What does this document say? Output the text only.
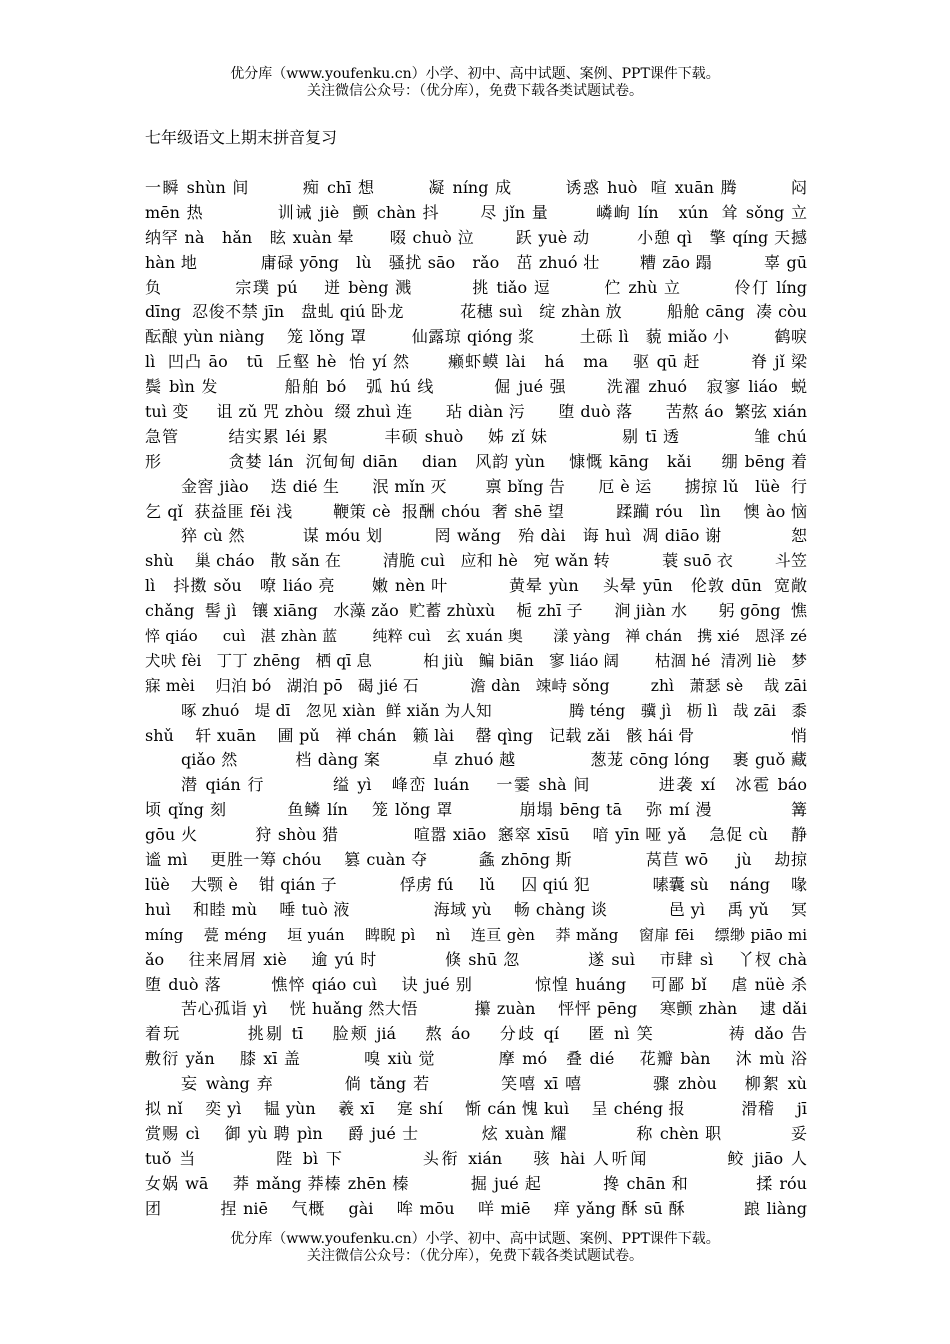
优分库（www.youfenku.cn）小学、初中、高中试题、案例、PPT课件下载。
关注微信公众号：（优分库），免费下载各类试题试卷。
七年级语文上期末拼音复习
一瞬 shùn 间        痴 chī 想        凝 níng 成        诱惑 huò  喧 xuān 腾        闷
mēn 热           训诫 jiè  颤 chàn 抖      尽 jǐn 量       嶙峋 lín   xún  耸 sǒng 立
纳罕 nà   hǎn   眩 xuàn 晕      啜 chuò 泣       跃 yuè 动        小憩 qì   擎 qíng 天撼
hàn 地           庸碌 yōng   lù   骚扰 sāo   rǎo   茁 zhuó 壮       糟 zāo 蹋         辜 gū
负           宗璞 pú    迸 bèng 溅         挑 tiǎo 逗        伫 zhù 立        伶仃 líng
dīng  忍俊不禁 jīn   盘虬 qiú 卧龙          花穗 suì   绽 zhàn 放        船舱 cāng  凑 còu
酝酿 yùn niàng    笼 lǒng 罩        仙露琼 qióng 浆        土砾 lì   藐 miǎo 小        鹤唳
lì  凹凸 āo   tū  丘壑 hè  怡 yí 然      癞虾蟆 lài   há   ma    驱 qū 赶        脊 jǐ 梁
鬓 bìn 发          船舶 bó   弧 hú 线         倔 jué 强      洗濯 zhuó   寂寥 liáo  蜕
tuì 变     诅 zǔ 咒 zhòu  缀 zhuì 连      玷 diàn 污      堕 duò 落      苦熬 áo  繁弦 xián
急管        结实累 léi 累         丰硕 shuò    姊 zǐ 妹            剔 tī 透            雏 chú
形           贪婪 lán  沉甸甸 diān    dian   风韵 yùn    慷慨 kāng   kǎi     绷 bēng 着
金窖 jiào    迭 dié 生      泯 mǐn 灭       禀 bǐng 告      厄 è 运      掳掠 lǔ   lüè  行
乞 qǐ  获益匪 fěi 浅       鞭策 cè  报酬 chóu  奢 shē 望         蹂躏 róu   lìn    懊 ào 恼
猝 cù 然          谋 móu 划         罔 wǎng   殆 dài   诲 huì  凋 diāo 谢            恕
shù    巢 cháo   散 sǎn 在        清脆 cuì   应和 hè   宛 wǎn 转          蓑 suō 衣        斗笠
lì   抖擞 sǒu   嘹 liáo 亮      嫩 nèn 叶          黄晕 yùn    头晕 yūn   伦敦 dūn  宽敞
chǎng  髻 jì   镶 xiāng   水藻 zǎo  贮蓄 zhùxù    栀 zhī 子      涧 jiàn 水      躬 gōng  憔
悴 qiáo     cuì   湛 zhàn 蓝       纯粹 cuì   玄 xuán 奥      漾 yàng   禅 chán   携 xié   恩泽 zé
犬吠 fèi   丁丁 zhēng   栖 qī 息          桕 jiù   鳊 biān   寥 liáo 阔       枯涸 hé  清冽 liè   梦
寐 mèi    归泊 bó   湖泊 pō   碣 jié 石          澹 dàn   竦峙 sǒng        zhì   萧瑟 sè    哉 zāi
啄 zhuó   堤 dī   忽见 xiàn  鲜 xiǎn 为人知               腾 téng   骥 jì   枥 lì   哉 zāi   黍
shǔ    轩 xuān    圃 pǔ   禅 chán   籁 lài    罄 qìng   记载 zǎi   骸 hái 骨                  悄
qiǎo 然          档 dàng 案         卓 zhuó 越             葱茏 cōng lóng    裹 guǒ 藏
潜 qián 行          缢 yì   峰峦 luán    一霎 shà 间          进袭 xí   冰雹 báo
顷 qǐng 刻          鱼鳞 lín    笼 lǒng 罩           崩塌 bēng tā    弥 mí 漫             篝
gōu 火          狩 shòu 猎             喧嚣 xiāo  窸窣 xīsū    喑 yīn 哑 yǎ    急促 cù    静
谧 mì    更胜一筹 chóu    篡 cuàn 夺         螽 zhōng 斯             莴苣 wō     jù    劫掠
lüè    大颚 è    钳 qián 子            俘虏 fú     lǔ     囚 qiú 犯            嗉囊 sù    náng    喙
huì    和睦 mù    唾 tuò 液               海域 yù    畅 chàng 谈           邑 yì    禹 yǔ    冥
míng    甍 méng    垣 yuán    睥睨 pì    nì    连亘 gèn    莽 mǎng    窗扉 fēi    缥缈 piāo mi
ǎo    往来屑屑 xiè    逾 yú 时           倏 shū 忽           遂 suì    市肆 sì    丫杈 chà
堕 duò 落        憔悴 qiáo cuì    诀 jué 别          惊惶 huáng    可鄙 bǐ    虐 nüè 杀
苦心孤诣 yì    恍 huǎng 然大悟          攥 zuàn    怦怦 pēng    寒颤 zhàn    逮 dǎi
着玩         挑剔 tī    脸颊 jiá    熬 áo    分歧 qí    匿 nì 笑          祷 dǎo 告
敷衍 yǎn    膝 xī 盖          嗅 xiù 觉          摩 mó   叠 dié    花瓣 bàn    沐 mù 浴
妄 wàng 弃          倘 tǎng 若          笑嘻 xī 嘻          骤 zhòu    柳絮 xù
拟 nǐ    奕 yì    韫 yùn    羲 xī    寔 shí    惭 cán 愧 kuì    呈 chéng 报          滑稽    jī
赏赐 cì    御 yù 聘 pìn    爵 jué 士          炫 xuàn 耀           称 chèn 职           妥
tuǒ 当          陛 bì 下          头衔 xián    骇 hài 人听闻          鲛 jiāo 人
女娲 wā    莽 mǎng 莽榛 zhēn 榛          掘 jué 起          搀 chān 和           揉 róu
团          捏 niē    气概    gài    哞 mōu    咩 miē    痒 yǎng 酥 sū 酥          踉 liàng
优分库（www.youfenku.cn）小学、初中、高中试题、案例、PPT课件下载。
关注微信公众号：（优分库），免费下载各类试题试卷。
